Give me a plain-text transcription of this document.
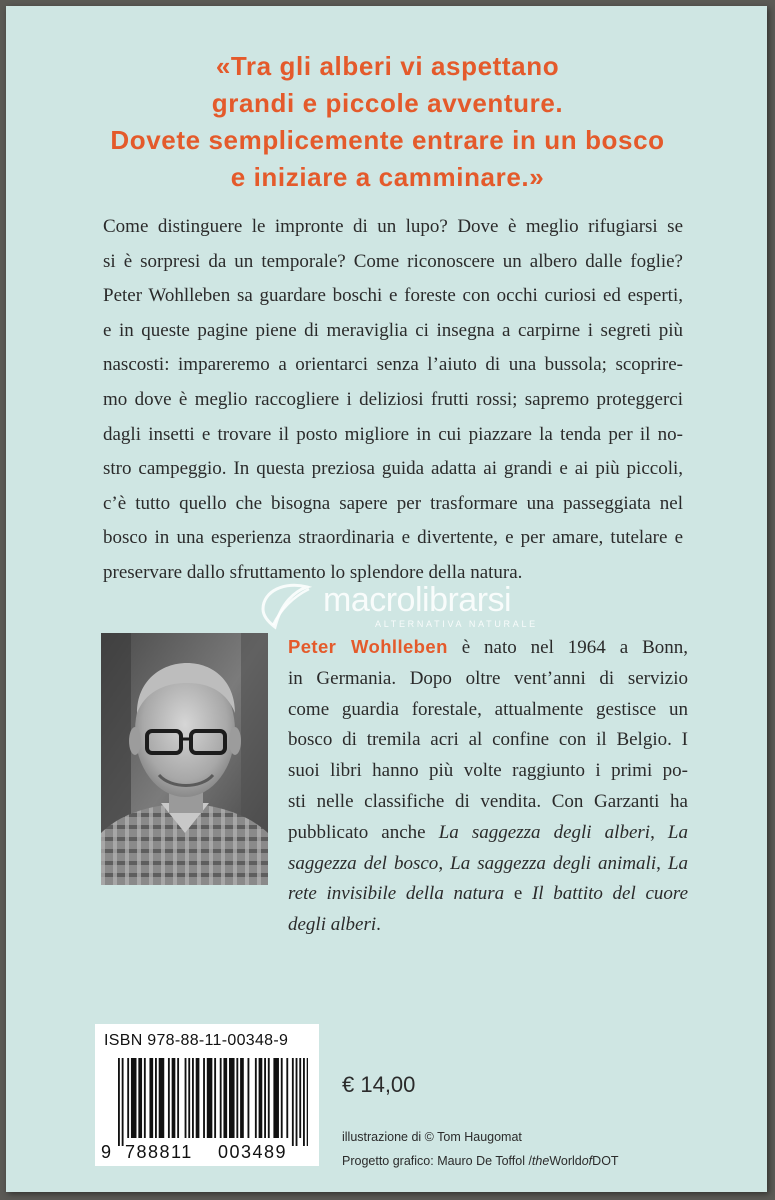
«Tra gli alberi vi aspettano
grandi e piccole avventure.
Dovete semplicemente entrare in un bosco
e iniziare a camminare.»
Come distinguere le impronte di un lupo? Dove è meglio rifugiarsi se
si è sorpresi da un temporale? Come riconoscere un albero dalle foglie?
Peter Wohlleben sa guardare boschi e foreste con occhi curiosi ed esperti,
e in queste pagine piene di meraviglia ci insegna a carpirne i segreti più
nascosti: impareremo a orientarci senza l’aiuto di una bussola; scoprire-
mo dove è meglio raccogliere i deliziosi frutti rossi; sapremo proteggerci
dagli insetti e trovare il posto migliore in cui piazzare la tenda per il no-
stro campeggio. In questa preziosa guida adatta ai grandi e ai più piccoli,
c’è tutto quello che bisogna sapere per trasformare una passeggiata nel
bosco in una esperienza straordinaria e divertente, e per amare, tutelare e
preservare dallo sfruttamento lo splendore della natura.
macrolibrarsi
ALTERNATIVA NATURALE
Peter Wohlleben è nato nel 1964 a Bonn,
in Germania. Dopo oltre vent’anni di servizio
come guardia forestale, attualmente gestisce un
bosco di tremila acri al confine con il Belgio. I
suoi libri hanno più volte raggiunto i primi po-
sti nelle classifiche di vendita. Con Garzanti ha
pubblicato anche La saggezza degli alberi, La
saggezza del bosco, La saggezza degli animali, La
rete invisibile della natura e Il battito del cuore
degli alberi.
ISBN 978-88-11-00348-9
9 788811 003489
€ 14,00
illustrazione di © Tom Haugomat
Progetto grafico: Mauro De Toffol /theWorldofDOT
